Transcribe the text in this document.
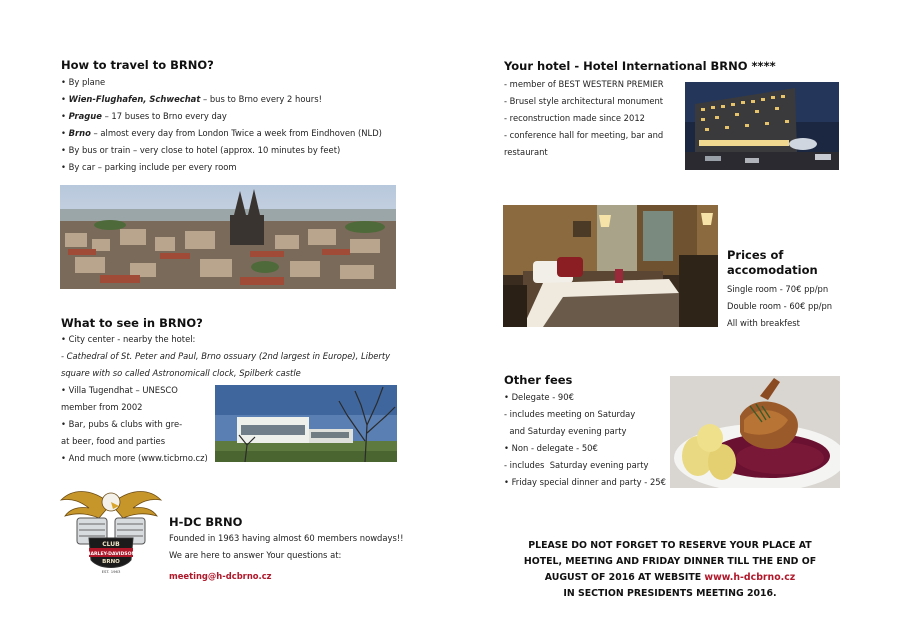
How to travel to BRNO?
• By plane
• Wien-Flughafen, Schwechat – bus to Brno every 2 hours!
• Prague – 17 buses to Brno every day
• Brno – almost every day from London Twice a week from Eindhoven (NLD)
• By bus or train – very close to hotel (approx. 10 minutes by feet)
• By car – parking include per every room
What to see in BRNO?
• City center - nearby the hotel:
- Cathedral of St. Peter and Paul, Brno ossuary (2nd largest in Europe), Liberty
square with so called Astronomicall clock, Spilberk castle
• Villa Tugendhat – UNESCO
member from 2002
• Bar, pubs & clubs with gre-
at beer, food and parties
• And much more (www.ticbrno.cz)
CLUB
HARLEY-DAVIDSON
BRNO
EST. 1963
H-DC BRNO
Founded in 1963 having almost 60 members nowdays!!
We are here to answer Your questions at:
meeting@h-dcbrno.cz
Your hotel - Hotel International BRNO ****
- member of BEST WESTERN PREMIER
- Brusel style architectural monument
- reconstruction made since 2012
- conference hall for meeting, bar and
restaurant
Prices of
accomodation
Single room - 70€ pp/pn
Double room - 60€ pp/pn
All with breakfest
Other fees
• Delegate - 90€
- includes meeting on Saturday
and Saturday evening party
• Non - delegate - 50€
- includes  Saturday evening party
• Friday special dinner and party - 25€
PLEASE DO NOT FORGET TO RESERVE YOUR PLACE AT
HOTEL, MEETING AND FRIDAY DINNER TILL THE END OF
AUGUST OF 2016 AT WEBSITE www.h-dcbrno.cz
IN SECTION PRESIDENTS MEETING 2016.
